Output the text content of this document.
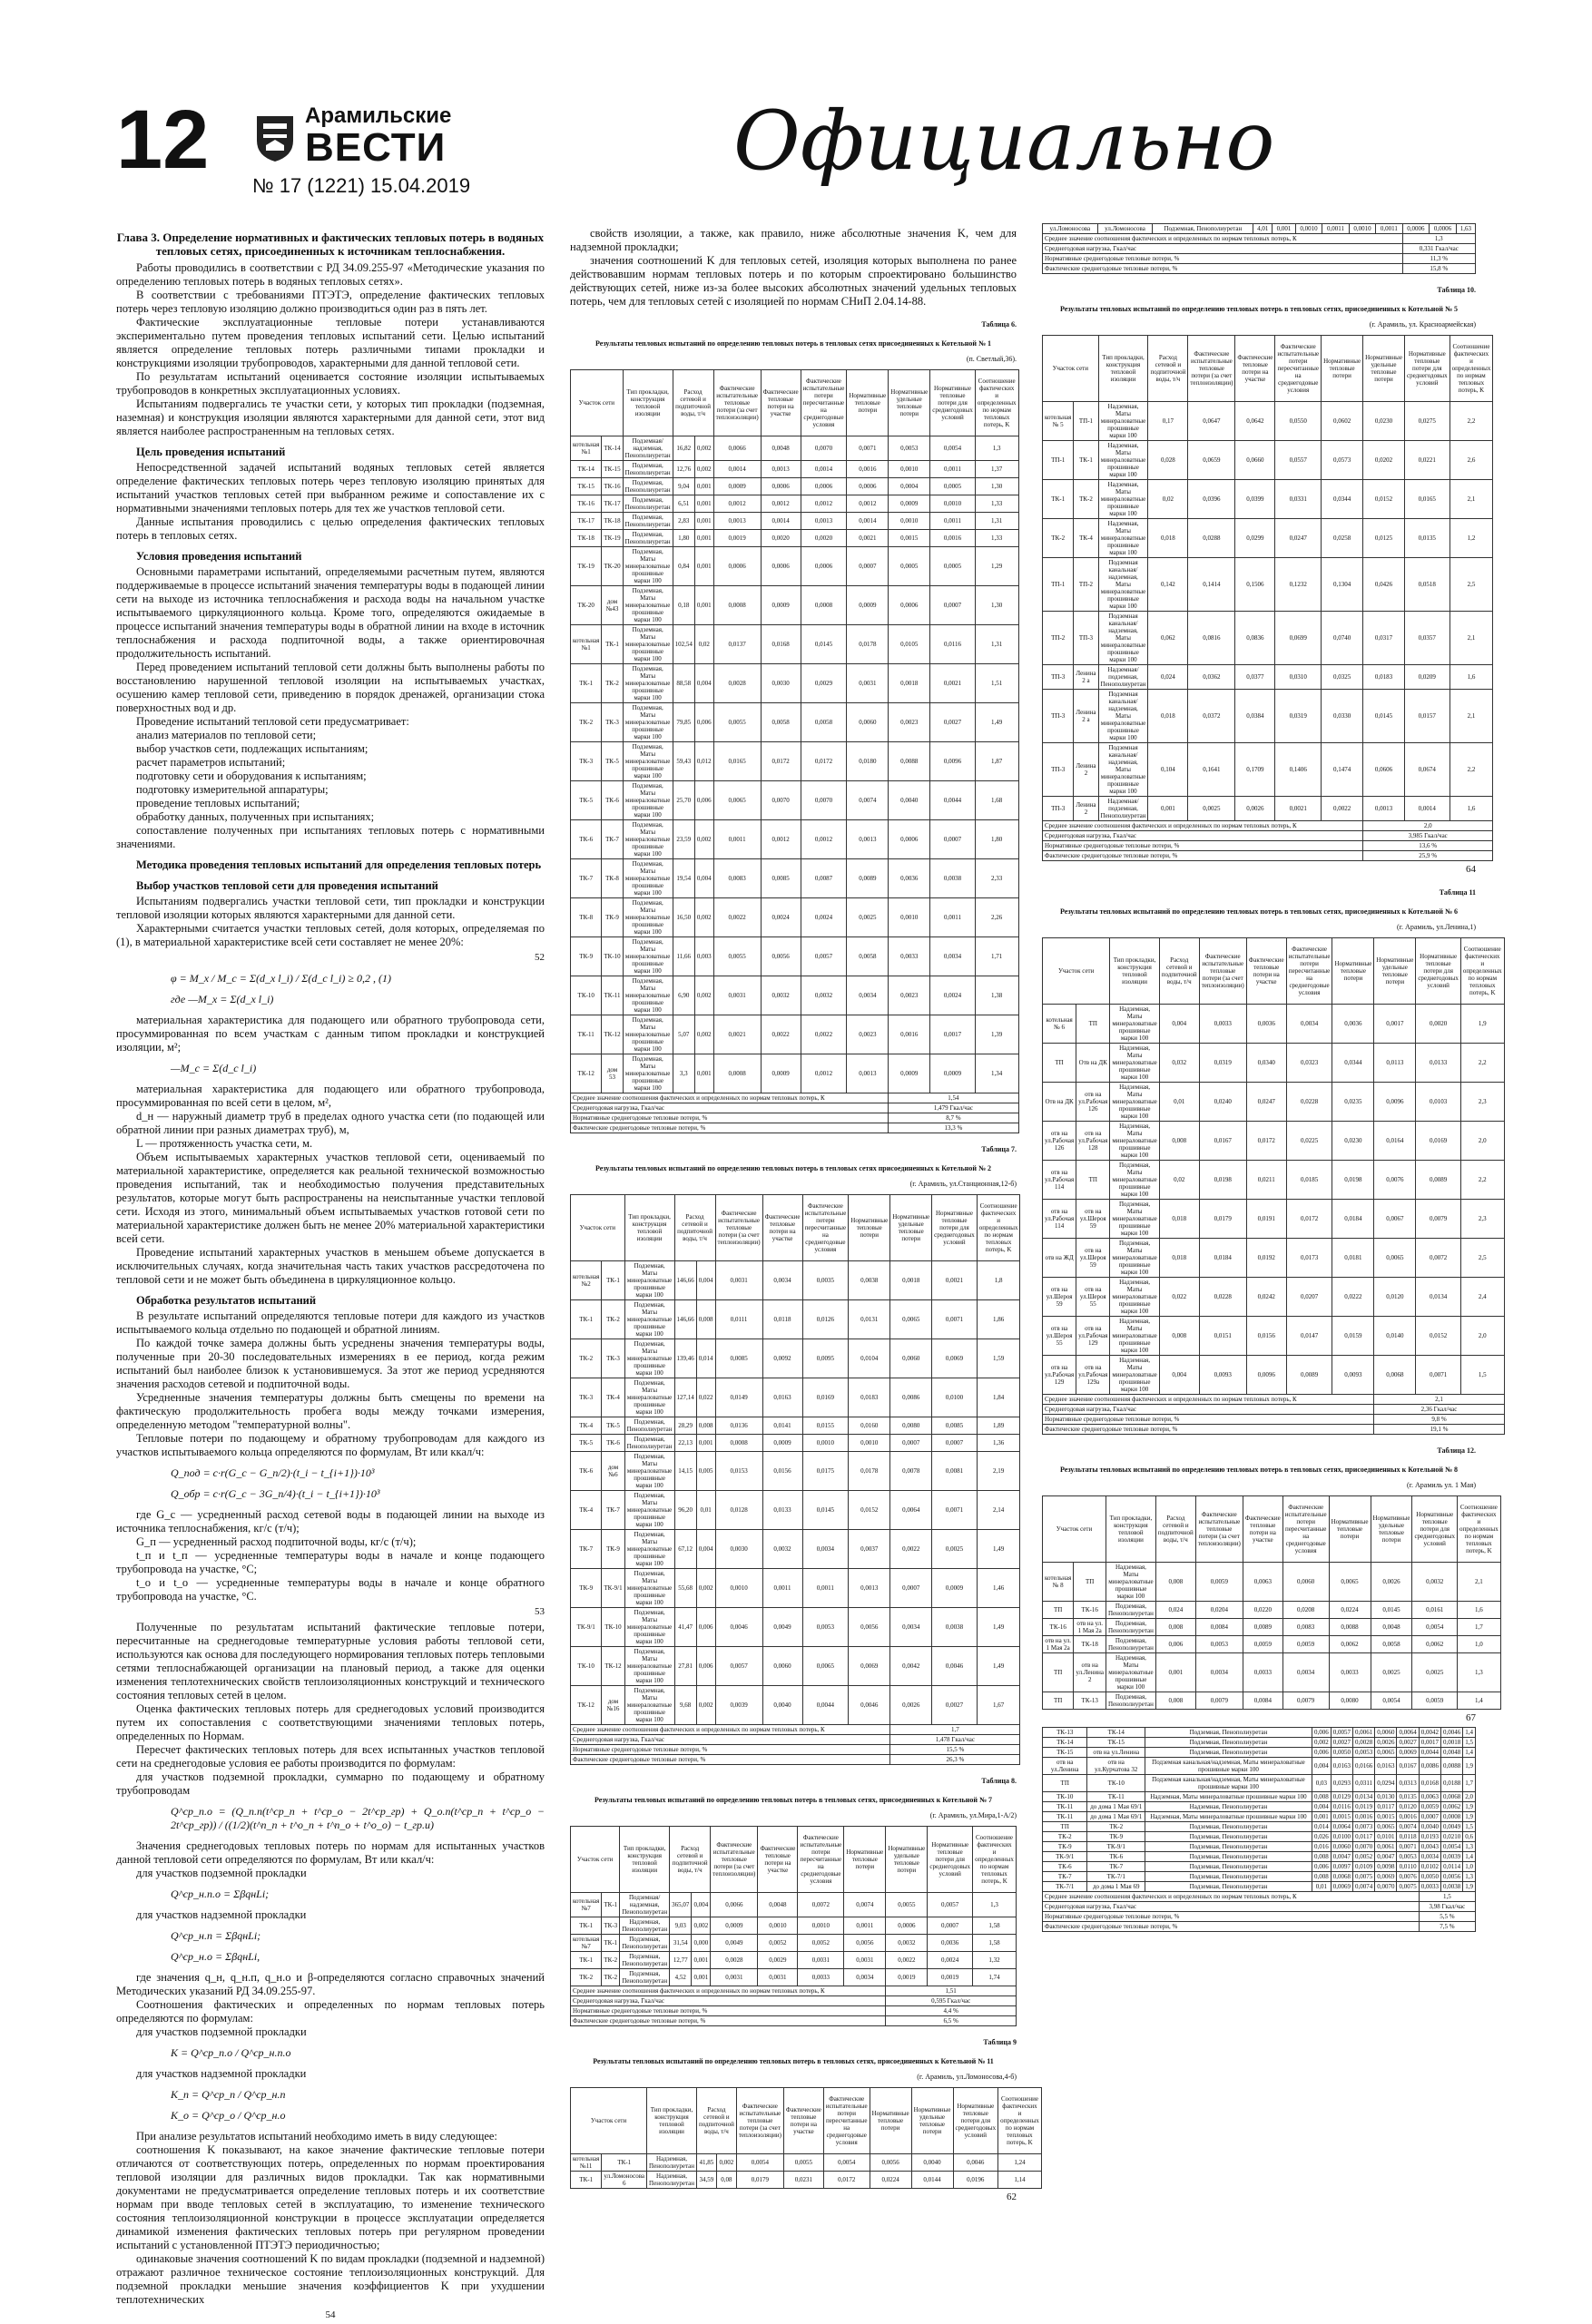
12	Арамильские
ВЕСТИ
№ 17 (1221) 15.04.2019	Официально
Глава 3. Определение нормативных и фактических тепловых потерь в водяных тепловых сетях, присоединенных к источникам теплоснабжения.

Работы проводились в соответствии с РД 34.09.255-97 «Методические указания по определению тепловых потерь в водяных тепловых сетях».

В соответствии с требованиями ПТЭТЭ, определение фактических тепловых потерь через тепловую изоляцию должно производиться один раз в пять лет.

Фактические эксплуатационные тепловые потери устанавливаются экспериментально путем проведения тепловых испытаний сети. Целью испытаний является определение тепловых потерь различными типами прокладки и конструкциями изоляции трубопроводов, характерными для данной тепловой сети.

По результатам испытаний оценивается состояние изоляции испытываемых трубопроводов в конкретных эксплуатационных условиях.

Испытаниям подвергались те участки сети, у которых тип прокладки (подземная, наземная) и конструкция изоляции являются характерными для данной сети, этот вид является наиболее распространенным на тепловых сетях.

Цель проведения испытаний

Непосредственной задачей испытаний водяных тепловых сетей является определение фактических тепловых потерь через тепловую изоляцию принятых для испытаний участков тепловых сетей при выбранном режиме и сопоставление их с нормативными значениями тепловых потерь для тех же участков тепловой сети.

Данные испытания проводились с целью определения фактических тепловых потерь в тепловых сетях.

Условия проведения испытаний

Основными параметрами испытаний, определяемыми расчетным путем, являются поддерживаемые в процессе испытаний значения температуры воды в подающей линии сети на выходе из источника теплоснабжения и расхода воды на начальном участке испытываемого циркуляционного кольца. Кроме того, определяются ожидаемые в процессе испытаний значения температуры воды в обратной линии на входе в источник теплоснабжения и расхода подпиточной воды, а также ориентировочная продолжительность испытаний.

Перед проведением испытаний тепловой сети должны быть выполнены работы по восстановлению нарушенной тепловой изоляции на испытываемых участках, осушению камер тепловой сети, приведению в порядок дренажей, организации стока поверхностных вод и др.

Проведение испытаний тепловой сети предусматривает:

анализ материалов по тепловой сети;

выбор участков сети, подлежащих испытаниям;

расчет параметров испытаний;

подготовку сети и оборудования к испытаниям;

подготовку измерительной аппаратуры;

проведение тепловых испытаний;

обработку данных, полученных при испытаниях;

сопоставление полученных при испытаниях тепловых потерь с нормативными значениями.

Методика проведения тепловых испытаний для определения тепловых потерь
Выбор участков тепловой сети для проведения испытаний

Испытаниям подвергались участки тепловой сети, тип прокладки и конструкции тепловой изоляции которых являются характерными для данной сети.

Характерными считается участки тепловых сетей, доля которых, определяемая по (1), в материальной характеристике всей сети составляет не менее 20%:

52
φ = M_x / M_c = Σ(d_x l_i) / Σ(d_c l_i) ≥ 0,2 , (1)
где —M_x = Σ(d_x l_i)

материальная характеристика для подающего или обратного трубопровода сети, просуммированная по всем участкам с данным типом прокладки и конструкцией изоляции, м²;

—M_c = Σ(d_c l_i)

материальная характеристика для подающего или обратного трубопровода, просуммированная по всей сети в целом, м²,

d_н — наружный диаметр труб в пределах одного участка сети (по подающей или обратной линии при разных диаметрах труб), м,

L — протяженность участка сети, м.

Объем испытываемых характерных участков тепловой сети, оцениваемый по материальной характеристике, определяется как реальной технической возможностью проведения испытаний, так и необходимостью получения представительных результатов, которые могут быть распространены на неиспытанные участки тепловой сети. Исходя из этого, минимальный объем испытываемых участков готовой сети по материальной характеристике должен быть не менее 20% материальной характеристики всей сети.

Проведение испытаний характерных участков в меньшем объеме допускается в исключительных случаях, когда значительная часть таких участков рассредоточена по тепловой сети и не может быть объединена в циркуляционное кольцо.

Обработка результатов испытаний

В результате испытаний определяются тепловые потери для каждого из участков испытываемого кольца отдельно по подающей и обратной линиям.

По каждой точке замера должны быть усреднены значения температуры воды, полученные при 20-30 последовательных измерениях в ее период, когда режим испытаний был наиболее близок к установившемуся. За этот же период усредняются значения расходов сетевой и подпиточной воды.

Усредненные значения температуры должны быть смещены по времени на фактическую продолжительность пробега воды между точками измерения, определенную методом "температурной волны".

Тепловые потери по подающему и обратному трубопроводам для каждого из участков испытываемого кольца определяются по формулам, Вт или ккал/ч:

Q_под = c·r(G_с − G_п/2)·(t_i − t_{i+1})·10³
Q_обр = c·r(G_с − 3G_п/4)·(t_i − t_{i+1})·10³

где G_c — усредненный расход сетевой воды в подающей линии на выходе из источника теплоснабжения, кг/с (т/ч);

G_п — усредненный расход подпиточной воды, кг/с (т/ч);

t_п и t_п — усредненные температуры воды в начале и конце подающего трубопровода на участке, °С;

t_о и t_о — усредненные температуры воды в начале и конце обратного трубопровода на участке, °С.

53

Полученные по результатам испытаний фактические тепловые потери, пересчитанные на среднегодовые температурные условия работы тепловой сети, используются как основа для последующего нормирования тепловых потерь тепловыми сетями теплоснабжающей организации на плановый период, а также для оценки изменения теплотехнических свойств теплоизоляционных конструкций и технического состояния тепловых сетей в целом.

Оценка фактических тепловых потерь для среднегодовых условий производится путем их сопоставления с соответствующими значениями тепловых потерь, определенных по Нормам.

Пересчет фактических тепловых потерь для всех испытанных участков тепловой сети на среднегодовые условия ее работы производится по формулам:

для участков подземной прокладки, суммарно по подающему и обратному трубопроводам

Q^ср_п.о = (Q_п.п(t^ср_п + t^ср_о − 2t^ср_гр) + Q_о.п(t^ср_п + t^ср_о − 2t^ср_гр)) / ((1/2)(t^п_п + t^о_п + t^п_о + t^о_о) − t_гр.и)

Значения среднегодовых тепловых потерь по нормам для испытанных участков данной тепловой сети определяются по формулам, Вт или ккал/ч:

для участков подземной прокладки

Q^ср_н.п.о = ΣβqнLi;

для участков надземной прокладки

Q^ср_н.п = ΣβqнLi;
Q^ср_н.о = ΣβqнLi,

где значения q_н, q_н.п, q_н.о и β-определяются согласно справочных значений Методических указаний РД 34.09.255-97.

Соотношения фактических и определенных по нормам тепловых потерь определяются по формулам:

для участков подземной прокладки

K = Q^ср_п.о / Q^ср_н.п.о

для участков надземной прокладки

K_п = Q^ср_п / Q^ср_н.п
K_о = Q^ср_о / Q^ср_н.о

При анализе результатов испытаний необходимо иметь в виду следующее:

соотношения K показывают, на какое значение фактические тепловые потери отличаются от соответствующих потерь, определенных по нормам проектирования тепловой изоляции для различных видов прокладки. Так как нормативными документами не предусматривается определение тепловых потерь и их соответствие нормам при вводе тепловых сетей в эксплуатацию, то изменение технического состояния теплоизоляционной конструкции в процессе эксплуатации определяется динамикой изменения фактических тепловых потерь при регулярном проведении испытаний с установленной ПТЭТЭ периодичностью;

одинаковые значения соотношений K по видам прокладки (подземной и надземной) отражают различное техническое состояние теплоизоляционных конструкций. Для подземной прокладки меньшие значения коэффициентов K при ухудшении теплотехнических

54

свойств изоляции, а также, как правило, ниже абсолютные значения K, чем для надземной прокладки;

значения соотношений K для тепловых сетей, изоляция которых выполнена по ранее действовавшим нормам тепловых потерь и по которым спроектировано большинство действующих сетей, ниже из-за более высоких абсолютных значений удельных тепловых потерь, чем для тепловых сетей с изоляцией по нормам СНиП 2.04.14-88.

Таблица 6.
Результаты тепловых испытаний по определению тепловых потерь в тепловых сетях присоединенных к Котельной № 1
(п. Светлый,36).
Участок сети		Тип прокладки, конструкция тепловой изоляции	Расход сетевой и подпиточной воды, т/ч		Фактические испытательные тепловые потери (за счет теплоизоляции)	Фактические тепловые потери на участке	Фактические испытательные потери пересчитанные на среднегодовые условия	Нормативные тепловые потери	Нормативные удельные тепловые потери	Нормативные тепловые потери для среднегодовых условий	Соотношение фактических и определенных по нормам тепловых потерь, K
котельная №1	ТК-14	Подземная/надземная, Пенополиуретан	16,82	0,002	0,0066	0,0048	0,0070	0,0071	0,0053	0,0054	1,3
ТК-14	ТК-15	Подземная, Пенополиуретан	12,76	0,002	0,0014	0,0013	0,0014	0,0016	0,0010	0,0011	1,37
ТК-15	ТК-16	Подземная, Пенополиуретан	9,04	0,001	0,0009	0,0006	0,0006	0,0006	0,0004	0,0005	1,30
ТК-16	ТК-17	Подземная, Пенополиуретан	6,51	0,001	0,0012	0,0012	0,0012	0,0012	0,0009	0,0010	1,33
ТК-17	ТК-18	Подземная, Пенополиуретан	2,83	0,001	0,0013	0,0014	0,0013	0,0014	0,0010	0,0011	1,31
ТК-18	ТК-19	Подземная, Пенополиуретан	1,80	0,001	0,0019	0,0020	0,0020	0,0021	0,0015	0,0016	1,33
ТК-19	ТК-20	Подземная, Маты минераловатные прошивные марки 100	0,84	0,001	0,0006	0,0006	0,0006	0,0007	0,0005	0,0005	1,29
ТК-20	дом №43	Подземная, Маты минераловатные прошивные марки 100	0,18	0,001	0,0008	0,0009	0,0008	0,0009	0,0006	0,0007	1,30
котельная №1	ТК-1	Подземная, Маты минераловатные прошивные марки 100	102,54	0,02	0,0137	0,0168	0,0145	0,0178	0,0105	0,0116	1,31
ТК-1	ТК-2	Подземная, Маты минераловатные прошивные марки 100	88,58	0,004	0,0028	0,0030	0,0029	0,0031	0,0018	0,0021	1,51
ТК-2	ТК-3	Подземная, Маты минераловатные прошивные марки 100	79,85	0,006	0,0055	0,0058	0,0058	0,0060	0,0023	0,0027	1,49
ТК-3	ТК-5	Подземная, Маты минераловатные прошивные марки 100	59,43	0,012	0,0165	0,0172	0,0172	0,0180	0,0088	0,0096	1,87
ТК-5	ТК-6	Подземная, Маты минераловатные прошивные марки 100	25,70	0,006	0,0065	0,0070	0,0070	0,0074	0,0040	0,0044	1,68
ТК-6	ТК-7	Подземная, Маты минераловатные прошивные марки 100	23,59	0,002	0,0011	0,0012	0,0012	0,0013	0,0006	0,0007	1,80
ТК-7	ТК-8	Подземная, Маты минераловатные прошивные марки 100	19,54	0,004	0,0083	0,0085	0,0087	0,0089	0,0036	0,0038	2,33
ТК-8	ТК-9	Подземная, Маты минераловатные прошивные марки 100	16,50	0,002	0,0022	0,0024	0,0024	0,0025	0,0010	0,0011	2,26
ТК-9	ТК-10	Подземная, Маты минераловатные прошивные марки 100	11,66	0,003	0,0055	0,0056	0,0057	0,0058	0,0033	0,0034	1,71
ТК-10	ТК-11	Подземная, Маты минераловатные прошивные марки 100	6,90	0,002	0,0031	0,0032	0,0032	0,0034	0,0023	0,0024	1,38
ТК-11	ТК-12	Подземная, Маты минераловатные прошивные марки 100	5,07	0,002	0,0021	0,0022	0,0022	0,0023	0,0016	0,0017	1,39
ТК-12	дом 53	Подземная, Маты минераловатные прошивные марки 100	3,3	0,001	0,0008	0,0009	0,0012	0,0013	0,0009	0,0009	1,34
Среднее значение соотношения фактических и определенных по нормам тепловых потерь, К									1,54		
Среднегодовая нагрузка, Гкал/час									1,479 Гкал/час		
Нормативные среднегодовые тепловые потери, %									8,7 %		
Фактические среднегодовые тепловые потери, %									13,3 %		
Таблица 7.
Результаты тепловых испытаний по определению тепловых потерь в тепловых сетях присоединенных к Котельной № 2
(г. Арамиль, ул.Станционная,12-б)
Участок сети		Тип прокладки, конструкция тепловой изоляции	Расход сетевой и подпиточной воды, т/ч		Фактические испытательные тепловые потери (за счет теплоизоляции)	Фактические тепловые потери на участке	Фактические испытательные потери пересчитанные на среднегодовые условия	Нормативные тепловые потери	Нормативные удельные тепловые потери	Нормативные тепловые потери для среднегодовых условий	Соотношение фактических и определенных по нормам тепловых потерь, K
котельная №2	ТК-1	Подземная, Маты минераловатные прошивные марки 100	146,66	0,004	0,0031	0,0034	0,0035	0,0038	0,0018	0,0021	1,8
ТК-1	ТК-2	Подземная, Маты минераловатные прошивные марки 100	146,66	0,008	0,0111	0,0118	0,0126	0,0131	0,0065	0,0071	1,86
ТК-2	ТК-3	Подземная, Маты минераловатные прошивные марки 100	139,46	0,014	0,0085	0,0092	0,0095	0,0104	0,0060	0,0069	1,59
ТК-3	ТК-4	Подземная, Маты минераловатные прошивные марки 100	127,14	0,022	0,0149	0,0163	0,0169	0,0183	0,0086	0,0100	1,84
ТК-4	ТК-5	Подземная, Пенополиуретан	28,29	0,008	0,0136	0,0141	0,0155	0,0160	0,0080	0,0085	1,89
ТК-5	ТК-6	Подземная, Пенополиуретан	22,13	0,001	0,0008	0,0009	0,0010	0,0010	0,0007	0,0007	1,36
ТК-6	дом №6	Подземная, Маты минераловатные прошивные марки 100	14,15	0,005	0,0153	0,0156	0,0175	0,0178	0,0078	0,0081	2,19
ТК-4	ТК-7	Подземная, Маты минераловатные прошивные марки 100	96,20	0,01	0,0128	0,0133	0,0145	0,0152	0,0064	0,0071	2,14
ТК-7	ТК-9	Подземная, Маты минераловатные прошивные марки 100	67,12	0,004	0,0030	0,0032	0,0034	0,0037	0,0022	0,0025	1,49
ТК-9	ТК-9/1	Подземная, Маты минераловатные прошивные марки 100	55,68	0,002	0,0010	0,0011	0,0011	0,0013	0,0007	0,0009	1,46
ТК-9/1	ТК-10	Подземная, Маты минераловатные прошивные марки 100	41,47	0,006	0,0046	0,0049	0,0053	0,0056	0,0034	0,0038	1,49
ТК-10	ТК-12	Подземная, Маты минераловатные прошивные марки 100	27,81	0,006	0,0057	0,0060	0,0065	0,0069	0,0042	0,0046	1,49
ТК-12	дом №16	Подземная, Маты минераловатные прошивные марки 100	9,68	0,002	0,0039	0,0040	0,0044	0,0046	0,0026	0,0027	1,67
Среднее значение соотношения фактических и определенных по нормам тепловых потерь, К									1,7		
Среднегодовая нагрузка, Гкал/час									1,478 Гкал/час		
Нормативные среднегодовые тепловые потери, %									15,5 %		
Фактические среднегодовые тепловые потери, %									26,3 %		
Таблица 8.
Результаты тепловых испытаний по определению тепловых потерь в тепловых сетях, присоединенных к Котельной № 7
(г. Арамиль, ул.Мира,1-А/2)
Участок сети		Тип прокладки, конструкция тепловой изоляции	Расход сетевой и подпиточной воды, т/ч		Фактические испытательные тепловые потери (за счет теплоизоляции)	Фактические тепловые потери на участке	Фактические испытательные потери пересчитанные на среднегодовые условия	Нормативные тепловые потери	Нормативные удельные тепловые потери	Нормативные тепловые потери для среднегодовых условий	Соотношение фактических и определенных по нормам тепловых потерь, K
котельная №7	ТК-1	Подземная/надземная, Пенополиуретан	365,07	0,004	0,0066	0,0048	0,0072	0,0074	0,0055	0,0057	1,3
ТК-1	ТК-3	Надземная, Пенополиуретан	9,03	0,002	0,0009	0,0010	0,0010	0,0011	0,0006	0,0007	1,58
котельная №7	ТК-1	Подземная, Пенополиуретан	31,54	0,000	0,0049	0,0052	0,0052	0,0056	0,0032	0,0036	1,58
ТК-1	ТК-2	Подземная, Пенополиуретан	12,77	0,001	0,0028	0,0029	0,0031	0,0031	0,0022	0,0024	1,32
ТК-2	ТК-2	Подземная, Пенополиуретан	4,52	0,001	0,0031	0,0031	0,0033	0,0034	0,0019	0,0019	1,74
Среднее значение соотношения фактических и определенных по нормам тепловых потерь, К									1,51		
Среднегодовая нагрузка, Гкал/час									0,595 Гкал/час		
Нормативные среднегодовые тепловые потери, %									4,4 %		
Фактические среднегодовые тепловые потери, %									6,5 %		
Таблица 9
Результаты тепловых испытаний по определению тепловых потерь в тепловых сетях, присоединенных к Котельной № 11
(г. Арамиль, ул.Ломоносова,4-б)
Участок сети		Тип прокладки, конструкция тепловой изоляции	Расход сетевой и подпиточной воды, т/ч		Фактические испытательные тепловые потери (за счет теплоизоляции)	Фактические тепловые потери на участке	Фактические испытательные потери пересчитанные на среднегодовые условия	Нормативные тепловые потери	Нормативные удельные тепловые потери	Нормативные тепловые потери для среднегодовых условий	Соотношение фактических и определенных по нормам тепловых потерь, K
котельная №11	ТК-1	Надземная, Пенополиуретан	41,85	0,002	0,0054	0,0055	0,0054	0,0056	0,0040	0,0046	1,24
ТК-1	ул.Ломоносова 6	Надземная, Пенополиуретан	34,59	0,08	0,0179	0,0231	0,0172	0,0224	0,0144	0,0196	1,14
62
ул.Ломоносова	ул.Ломоносова	Подземная, Пенополиуретан	4,01	0,001	0,0010	0,0011	0,0010	0,0011	0,0006	0,0006	1,63
Среднее значение соотношения фактических и определенных по нормам тепловых потерь, К									1,3		
Среднегодовая нагрузка, Гкал/час									0,331 Гкал/час		
Нормативные среднегодовые тепловые потери, %									11,3 %		
Фактические среднегодовые тепловые потери, %									15,8 %		
Таблица 10.
Результаты тепловых испытаний по определению тепловых потерь в тепловых сетях, присоединенных к Котельной № 5
(г. Арамиль, ул. Красноармейская)
Участок сети		Тип прокладки, конструкция тепловой изоляции	Расход сетевой и подпиточной воды, т/ч	Фактические испытательные тепловые потери (за счет теплоизоляции)	Фактические тепловые потери на участке	Фактические испытательные потери пересчитанные на среднегодовые условия	Нормативные тепловые потери	Нормативные удельные тепловые потери	Нормативные тепловые потери для среднегодовых условий	Соотношение фактических и определенных по нормам тепловых потерь, K
котельная № 5	ТП-1	Надземная, Маты минераловатные прошивные марки 100	0,17	0,0647	0,0642	0,0550	0,0602	0,0230	0,0275	2,2
ТП-1	ТК-1	Надземная, Маты минераловатные прошивные марки 100	0,028	0,0659	0,0660	0,0557	0,0573	0,0202	0,0221	2,6
ТК-1	ТК-2	Надземная, Маты минераловатные прошивные марки 100	0,02	0,0396	0,0399	0,0331	0,0344	0,0152	0,0165	2,1
ТК-2	ТК-4	Надземная, Маты минераловатные прошивные марки 100	0,018	0,0288	0,0299	0,0247	0,0258	0,0125	0,0135	1,2
ТП-1	ТП-2	Подземная канальная/надземная, Маты минераловатные прошивные марки 100	0,142	0,1414	0,1506	0,1232	0,1304	0,0426	0,0518	2,5
ТП-2	ТП-3	Подземная канальная/надземная, Маты минераловатные прошивные марки 100	0,062	0,0816	0,0836	0,0699	0,0740	0,0317	0,0357	2,1
ТП-3	Ленина 2 а	Надземная/подземная, Пенополиуретан	0,024	0,0362	0,0377	0,0310	0,0325	0,0183	0,0209	1,6
ТП-3	Ленина 2 а	Подземная канальная/надземная, Маты минераловатные прошивные марки 100	0,018	0,0372	0,0384	0,0319	0,0330	0,0145	0,0157	2,1
ТП-3	Ленина 2	Подземная канальная/надземная, Маты минераловатные прошивные марки 100	0,104	0,1641	0,1709	0,1406	0,1474	0,0606	0,0674	2,2
ТП-3	Ленина 2	Надземная/подземная, Пенополиуретан	0,001	0,0025	0,0026	0,0021	0,0022	0,0013	0,0014	1,6
Среднее значение соотношения фактических и определенных по нормам тепловых потерь, К								2,0		
Среднегодовая нагрузка, Гкал/час								3,985 Гкал/час		
Нормативные среднегодовые тепловые потери, %								13,6 %		
Фактические среднегодовые тепловые потери, %								25,9 %		
64
Таблица 11
Результаты тепловых испытаний по определению тепловых потерь в тепловых сетях, присоединенных к Котельной № 6
(г. Арамиль, ул.Ленина,1)
Участок сети		Тип прокладки, конструкция тепловой изоляции	Расход сетевой и подпиточной воды, т/ч	Фактические испытательные тепловые потери (за счет теплоизоляции)	Фактические тепловые потери на участке	Фактические испытательные потери пересчитанные на среднегодовые условия	Нормативные тепловые потери	Нормативные удельные тепловые потери	Нормативные тепловые потери для среднегодовых условий	Соотношение фактических и определенных по нормам тепловых потерь, K
котельная № 6	ТП	Надземная, Маты минераловатные прошивные марки 100	0,004	0,0033	0,0036	0,0034	0,0036	0,0017	0,0020	1,9
ТП	Отв на ДК	Надземная, Маты минераловатные прошивные марки 100	0,032	0,0319	0,0340	0,0323	0,0344	0,0113	0,0133	2,2
Отв на ДК	отв на ул.Рабочая 126	Надземная, Маты минераловатные прошивные марки 100	0,01	0,0240	0,0247	0,0228	0,0235	0,0096	0,0103	2,3
отв на ул.Рабочая 126	отв на ул.Рабочая 128	Надземная, Маты минераловатные прошивные марки 100	0,008	0,0167	0,0172	0,0225	0,0230	0,0164	0,0169	2,0
отв на ул.Рабочая 114	ТП	Подземная, Маты минераловатные прошивные марки 100	0,02	0,0198	0,0211	0,0185	0,0198	0,0076	0,0089	2,2
отв на ул.Рабочая 114	отв на ул.Шероя 59	Подземная, Маты минераловатные прошивные марки 100	0,018	0,0179	0,0191	0,0172	0,0184	0,0067	0,0079	2,3
отв на ЖД	отв на ул.Шероя 59	Подземная, Маты минераловатные прошивные марки 100	0,018	0,0184	0,0192	0,0173	0,0181	0,0065	0,0072	2,5
отв на ул.Шероя 59	отв на ул.Шероя 55	Надземная, Маты минераловатные прошивные марки 100	0,022	0,0228	0,0242	0,0207	0,0222	0,0120	0,0134	2,4
отв на ул.Шероя 55	отв на ул.Рабочая 129	Надземная, Маты минераловатные прошивные марки 100	0,008	0,0151	0,0156	0,0147	0,0159	0,0140	0,0152	2,0
отв на ул.Рабочая 129	отв на ул.Рабочая 129а	Надземная, Маты минераловатные прошивные марки 100	0,004	0,0093	0,0096	0,0089	0,0093	0,0068	0,0071	1,5
Среднее значение соотношения фактических и определенных по нормам тепловых потерь, К								2,1		
Среднегодовая нагрузка, Гкал/час								2,36 Гкал/час		
Нормативные среднегодовые тепловые потери, %								9,8 %		
Фактические среднегодовые тепловые потери, %								19,1 %		
Таблица 12.
Результаты тепловых испытаний по определению тепловых потерь в тепловых сетях, присоединенных к Котельной № 8
(г. Арамиль ул. 1 Мая)
Участок сети		Тип прокладки, конструкция тепловой изоляции	Расход сетевой и подпиточной воды, т/ч	Фактические испытательные тепловые потери (за счет теплоизоляции)	Фактические тепловые потери на участке	Фактические испытательные потери пересчитанные на среднегодовые условия	Нормативные тепловые потери	Нормативные удельные тепловые потери	Нормативные тепловые потери для среднегодовых условий	Соотношение фактических и определенных по нормам тепловых потерь, K
котельная № 8	ТП	Надземная, Маты минераловатные прошивные марки 100	0,008	0,0059	0,0063	0,0060	0,0065	0,0026	0,0032	2,1
ТП	ТК-16	Подземная, Пенополиуретан	0,024	0,0204	0,0220	0,0208	0,0224	0,0145	0,0161	1,6
ТК-16	отв на ул. 1 Мая 2а	Подземная, Пенополиуретан	0,008	0,0084	0,0089	0,0083	0,0088	0,0048	0,0054	1,7
отв на ул. 1 Мая 2а	ТК-18	Подземная, Пенополиуретан	0,006	0,0053	0,0059	0,0059	0,0062	0,0058	0,0062	1,0
ТП	отв на ул.Ленина 2	Надземная, Маты минераловатные прошивные марки 100	0,001	0,0034	0,0033	0,0034	0,0033	0,0025	0,0025	1,3
ТП	ТК-13	Подземная, Пенополиуретан	0,008	0,0079	0,0084	0,0079	0,0080	0,0054	0,0059	1,4
67
ТК-13	ТК-14	Подземная, Пенополиуретан	0,006	0,0057	0,0061	0,0060	0,0064	0,0042	0,0046	1,4
ТК-14	ТК-15	Подземная, Пенополиуретан	0,002	0,0027	0,0028	0,0026	0,0027	0,0017	0,0018	1,5
ТК-15	отв на ул.Ленина	Подземная, Пенополиуретан	0,006	0,0050	0,0053	0,0065	0,0069	0,0044	0,0048	1,4
отв на ул.Ленина	отв на ул.Курчатова 32	Подземная канальная/надземная, Маты минераловатные прошивные марки 100	0,004	0,0163	0,0166	0,0163	0,0167	0,0086	0,0088	1,9
ТП	ТК-10	Подземная канальная/надземная, Маты минераловатные прошивные марки 100	0,03	0,0293	0,0311	0,0294	0,0313	0,0168	0,0188	1,7
ТК-10	ТК-11	Надземная, Маты минераловатные прошивные марки 100	0,008	0,0129	0,0134	0,0130	0,0135	0,0063	0,0068	2,0
ТК-11	до дома 1 Мая 69/1	Надземная, Пенополиуретан	0,004	0,0116	0,0119	0,0117	0,0120	0,0059	0,0062	1,9
ТК-11	до дома 1 Мая 69/1	Надземная, Маты минераловатные прошивные марки 100	0,001	0,0015	0,0016	0,0015	0,0016	0,0007	0,0008	1,9
ТП	ТК-2	Подземная, Пенополиуретан	0,014	0,0064	0,0073	0,0065	0,0074	0,0040	0,0049	1,5
ТК-2	ТК-9	Подземная, Пенополиуретан	0,026	0,0100	0,0117	0,0101	0,0118	0,0193	0,0210	0,6
ТК-9	ТК-9/1	Подземная, Пенополиуретан	0,016	0,0060	0,0070	0,0061	0,0071	0,0043	0,0054	1,3
ТК-9/1	ТК-6	Подземная, Пенополиуретан	0,008	0,0047	0,0052	0,0047	0,0053	0,0034	0,0039	1,4
ТК-6	ТК-7	Подземная, Пенополиуретан	0,006	0,0097	0,0109	0,0098	0,0110	0,0102	0,0114	1,0
ТК-7	ТК-7/1	Подземная, Пенополиуретан	0,008	0,0068	0,0075	0,0069	0,0076	0,0050	0,0056	1,3
ТК-7/1	до дома 1 Мая 69	Подземная, Пенополиуретан	0,01	0,0069	0,0074	0,0070	0,0075	0,0033	0,0038	1,9
Среднее значение соотношения фактических и определенных по нормам тепловых потерь, К								1,5		
Среднегодовая нагрузка, Гкал/час								3,98 Гкал/час		
Нормативные среднегодовые тепловые потери, %								5,5 %		
Фактические среднегодовые тепловые потери, %								7,5 %		
